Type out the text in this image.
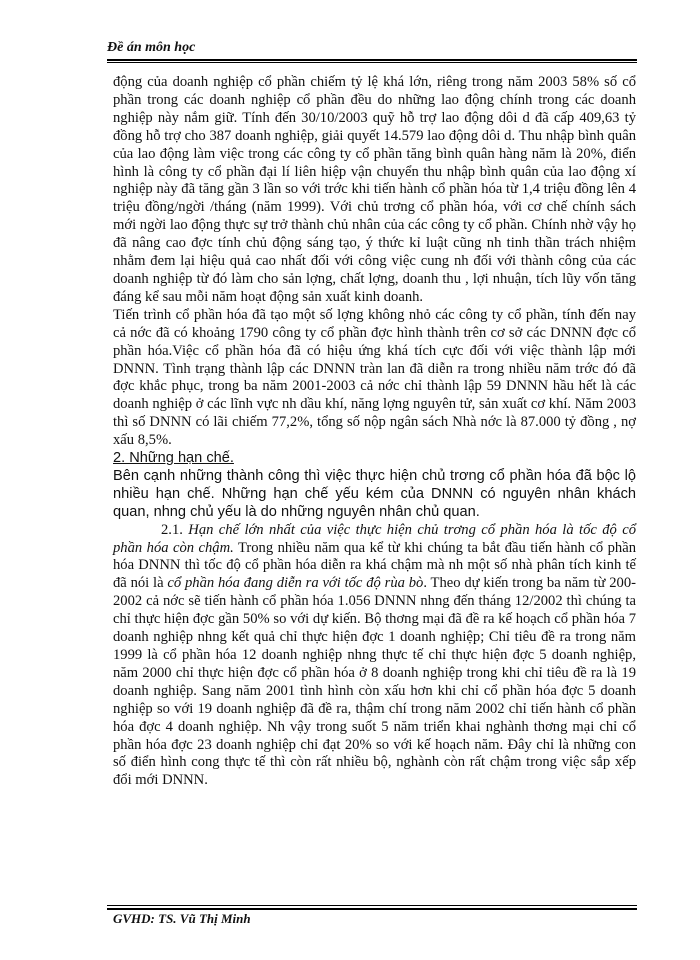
Đề án môn học

động của doanh nghiệp cổ phần chiếm tỷ lệ khá lớn, riêng trong năm 2003 58% số cổ phần trong các doanh nghiệp cổ phần đều do những lao động chính trong các doanh nghiệp này nắm giữ. Tính đến 30/10/2003 quỹ hỗ trợ lao động dôi d đã cấp 409,63 tỷ đồng hỗ trợ cho 387 doanh nghiệp, giải quyết 14.579 lao động dôi d. Thu nhập bình quân của lao động làm việc trong các công ty cổ phần tăng bình quân hàng năm là 20%, điển hình là công ty cổ phần đại lí liên hiệp vận chuyển thu nhập bình quân của lao động xí nghiệp này đã tăng gần 3 lần so với trớc khi tiến hành cổ phần hóa từ 1,4 triệu đồng lên 4 triệu đồng/ngời /tháng (năm 1999). Với chủ trơng cổ phần hóa, với cơ chế chính sách mới ngời lao động thực sự trở thành chủ nhân của các công ty cổ phần. Chính nhờ vậy họ đã nâng cao đợc tính chủ động sáng tạo, ý thức kỉ luật cũng nh tinh thần trách nhiệm nhằm đem lại hiệu quả cao nhất đối với công việc cung nh đối với thành công của các doanh nghiệp từ đó làm cho sản lợng, chất lợng, doanh thu , lợi nhuận, tích lũy vốn tăng đáng kể sau mỗi năm hoạt động sản xuất kinh doanh.

Tiến trình cổ phần hóa đã tạo một số lợng không nhỏ các công ty cổ phần, tính đến nay cả nớc đã có khoảng 1790 công ty cổ phần đợc hình thành trên cơ sở các DNNN đợc cổ phần hóa.Việc cổ phần hóa đã có hiệu ứng khá tích cực đối với việc thành lập mới DNNN. Tình trạng thành lập các DNNN tràn lan đã diễn ra trong nhiều năm trớc đó đã đợc khắc phục, trong ba năm 2001-2003 cả nớc chỉ thành lập 59 DNNN hầu hết là các doanh nghiệp ở các lĩnh vực nh dầu khí, năng lợng nguyên tử, sản xuất cơ khí. Năm 2003 thì số DNNN có lãi chiếm 77,2%, tổng số nộp ngân sách Nhà nớc là 87.000 tỷ đồng , nợ xấu 8,5%.

2. Những hạn chế.

Bên cạnh những thành công thì việc thực hiện chủ trơng cổ phần hóa đã bộc lộ nhiều hạn chế. Những hạn chế yếu kém của DNNN có nguyên nhân khách quan, nhng chủ yếu là do những nguyên nhân chủ quan.

2.1. Hạn chế lớn nhất của việc thực hiện chủ trơng cổ phần hóa là tốc độ cổ phần hóa còn chậm. Trong nhiều năm qua kể từ khi chúng ta bắt đầu tiến hành cổ phần hóa DNNN thì tốc độ cổ phần hóa diễn ra khá chậm mà nh một số nhà phân tích kinh tế đã nói là cổ phần hóa đang diễn ra với tốc độ rùa bò. Theo dự kiến trong ba năm từ 200-2002 cả nớc sẽ tiến hành cổ phần hóa 1.056 DNNN nhng đến tháng 12/2002 thì chúng ta chỉ thực hiện đợc gần 50% so với dự kiến. Bộ thơng mại đã đề ra kế hoạch cổ phần hóa 7 doanh nghiệp nhng kết quả chỉ thực hiện đợc 1 doanh nghiệp; Chỉ tiêu đề ra trong năm 1999 là cổ phần hóa 12 doanh nghiệp nhng thực tế chỉ thực hiện đợc 5 doanh nghiệp, năm 2000 chỉ thực hiện đợc cổ phần hóa ở 8 doanh nghiệp trong khi chỉ tiêu đề ra là 19 doanh nghiệp. Sang năm 2001 tình hình còn xấu hơn khi chỉ cổ phần hóa đợc 5 doanh nghiệp so với 19 doanh nghiệp đã đề ra, thậm chí trong năm 2002 chỉ tiến hành cổ phần hóa đợc 4 doanh nghiệp. Nh vậy trong suốt 5 năm triển khai nghành thơng mại chỉ cổ phần hóa đợc 23 doanh nghiệp chỉ đạt 20% so với kế hoạch năm. Đây chỉ là những con số điển hình cong thực tế thì còn rất nhiều bộ, nghành còn rất chậm trong việc sắp xếp đổi mới DNNN.

GVHD: TS. Vũ Thị Minh
